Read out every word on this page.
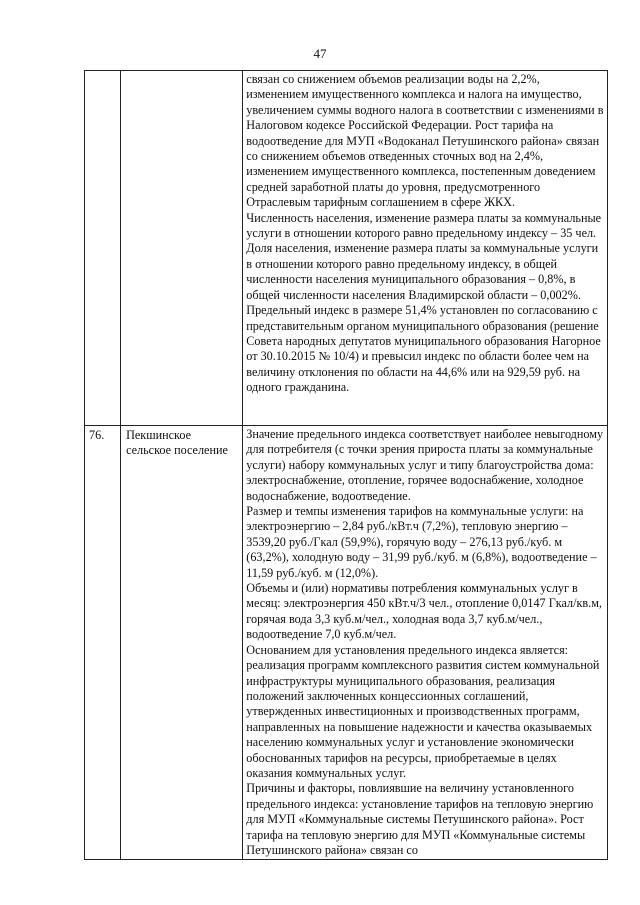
47

		связан со снижением объемов реализации воды на 2,2%, изменением имущественного комплекса и налога на имущество, увеличением суммы водного налога в соответствии с изменениями в Налоговом кодексе Российской Федерации. Рост тарифа на водоотведение для МУП «Водоканал Петушинского района» связан со снижением объемов отведенных сточных вод на 2,4%, изменением имущественного комплекса, постепенным доведением средней заработной платы до уровня, предусмотренного Отраслевым тарифным соглашением в сфере ЖКХ.

Численность населения, изменение размера платы за коммунальные услуги в отношении которого равно предельному индексу – 35 чел.

Доля населения, изменение размера платы за коммунальные услуги в отношении которого равно предельному индексу, в общей численности населения муниципального образования – 0,8%, в общей численности населения Владимирской области – 0,002%.

Предельный индекс в размере 51,4% установлен по согласованию с представительным органом муниципального образования (решение Совета народных депутатов муниципального образования Нагорное от 30.10.2015 № 10/4) и превысил индекс по области более чем на величину отклонения по области на 44,6% или на 929,59 руб. на одного гражданина.

76.	Пекшинское сельское поселение	Значение предельного индекса соответствует наиболее невыгодному для потребителя (с точки зрения прироста платы за коммунальные услуги) набору коммунальных услуг и типу благоустройства дома: электроснабжение, отопление, горячее водоснабжение, холодное водоснабжение, водоотведение.

Размер и темпы изменения тарифов на коммунальные услуги: на электроэнергию – 2,84 руб./кВт.ч (7,2%), тепловую энергию – 3539,20 руб./Гкал (59,9%), горячую воду – 276,13 руб./куб. м (63,2%), холодную воду – 31,99 руб./куб. м (6,8%), водоотведение – 11,59 руб./куб. м (12,0%).

Объемы и (или) нормативы потребления коммунальных услуг в месяц: электроэнергия 450 кВт.ч/3 чел., отопление 0,0147 Гкал/кв.м, горячая вода 3,3 куб.м/чел., холодная вода 3,7 куб.м/чел., водоотведение 7,0 куб.м/чел.

Основанием для установления предельного индекса является: реализация программ комплексного развития систем коммунальной инфраструктуры муниципального образования, реализация положений заключенных концессионных соглашений, утвержденных инвестиционных и производственных программ, направленных на повышение надежности и качества оказываемых населению коммунальных услуг и установление экономически обоснованных тарифов на ресурсы, приобретаемые в целях оказания коммунальных услуг.

Причины и факторы, повлиявшие на величину установленного предельного индекса: установление тарифов на тепловую энергию для МУП «Коммунальные системы Петушинского района». Рост тарифа на тепловую энергию для МУП «Коммунальные системы Петушинского района» связан со
